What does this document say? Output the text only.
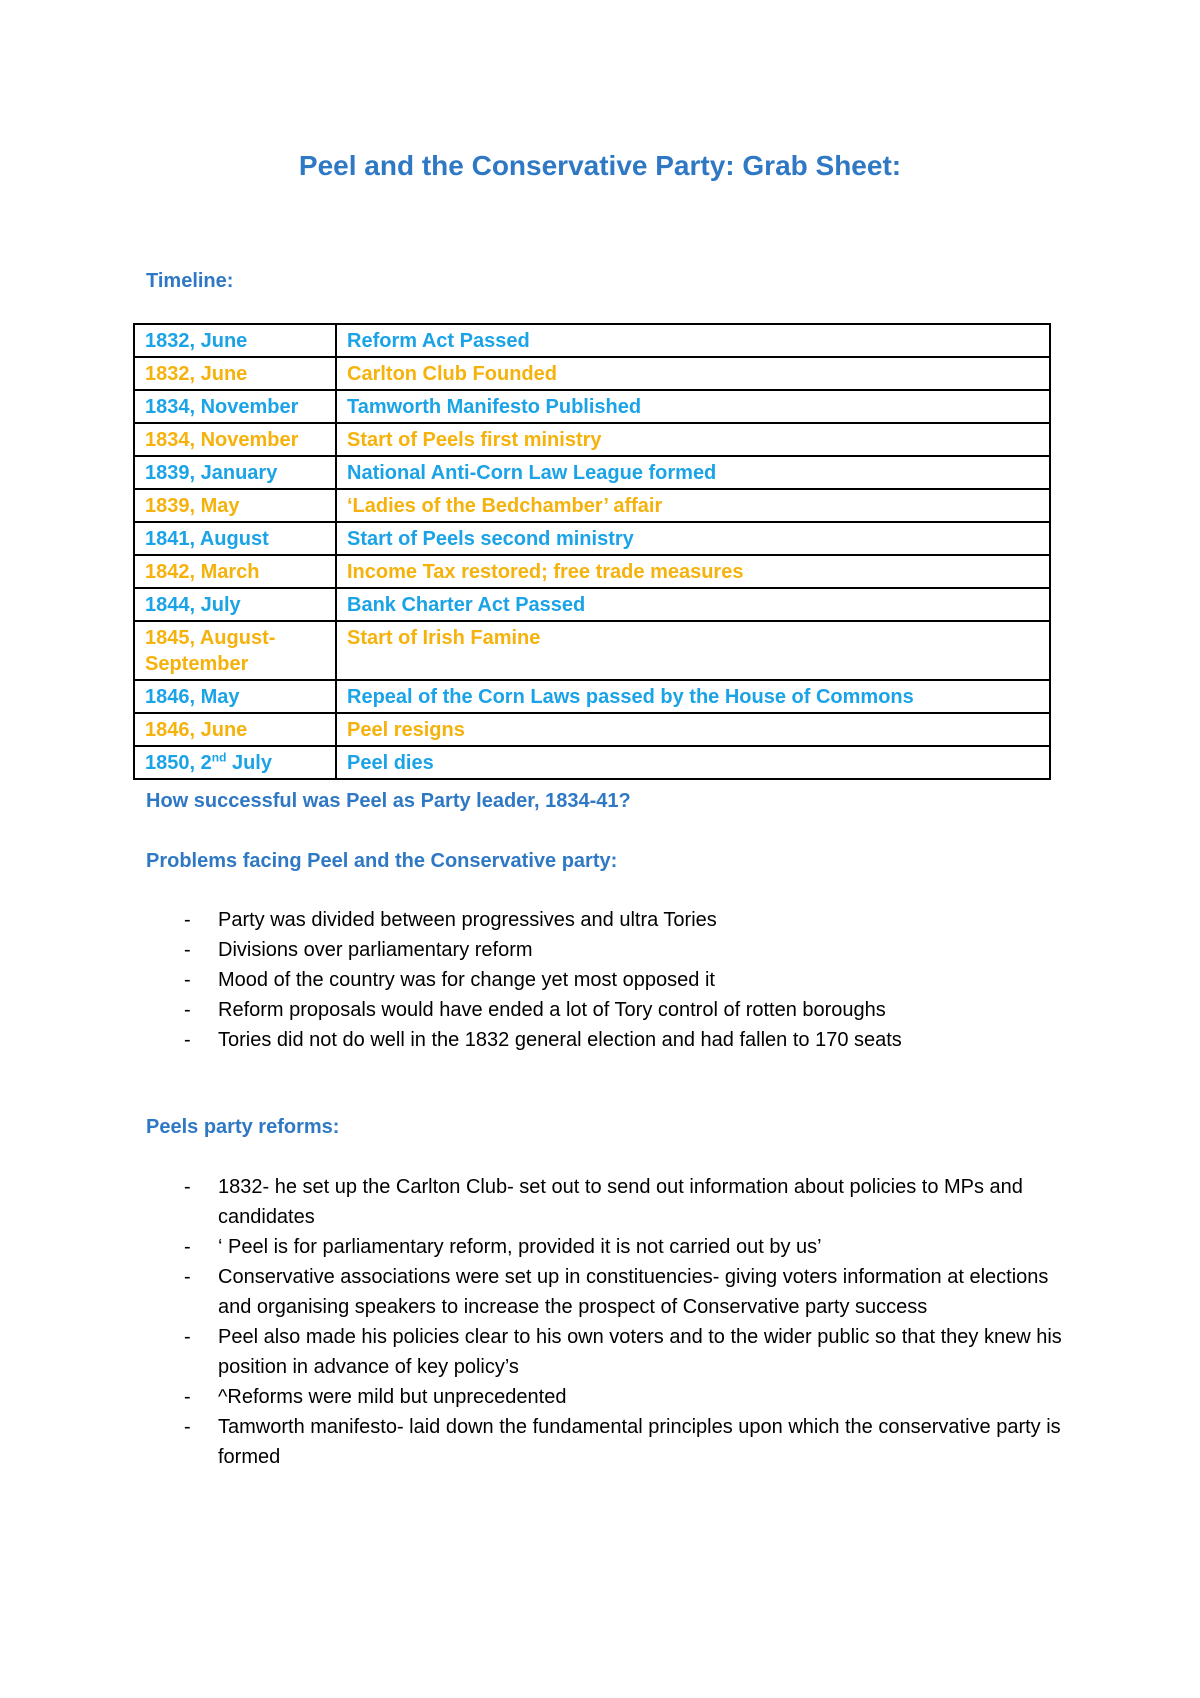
Peel and the Conservative Party: Grab Sheet:

Timeline:

1832, June	Reform Act Passed
1832, June	Carlton Club Founded
1834, November	Tamworth Manifesto Published
1834, November	Start of Peels first ministry
1839, January	National Anti-Corn Law League formed
1839, May	‘Ladies of the Bedchamber’ affair
1841, August	Start of Peels second ministry
1842, March	Income Tax restored; free trade measures
1844, July	Bank Charter Act Passed
1845, August-September	Start of Irish Famine
1846, May	Repeal of the Corn Laws passed by the House of Commons
1846, June	Peel resigns
1850, 2nd July	Peel dies

How successful was Peel as Party leader, 1834-41?

Problems facing Peel and the Conservative party:

- Party was divided between progressives and ultra Tories
- Divisions over parliamentary reform
- Mood of the country was for change yet most opposed it
- Reform proposals would have ended a lot of Tory control of rotten boroughs
- Tories did not do well in the 1832 general election and had fallen to 170 seats

Peels party reforms:

- 1832- he set up the Carlton Club- set out to send out information about policies to MPs and candidates
- ‘ Peel is for parliamentary reform, provided it is not carried out by us’
- Conservative associations were set up in constituencies- giving voters information at elections and organising speakers to increase the prospect of Conservative party success
- Peel also made his policies clear to his own voters and to the wider public so that they knew his position in advance of key policy’s
- ^Reforms were mild but unprecedented
- Tamworth manifesto- laid down the fundamental principles upon which the conservative party is formed
